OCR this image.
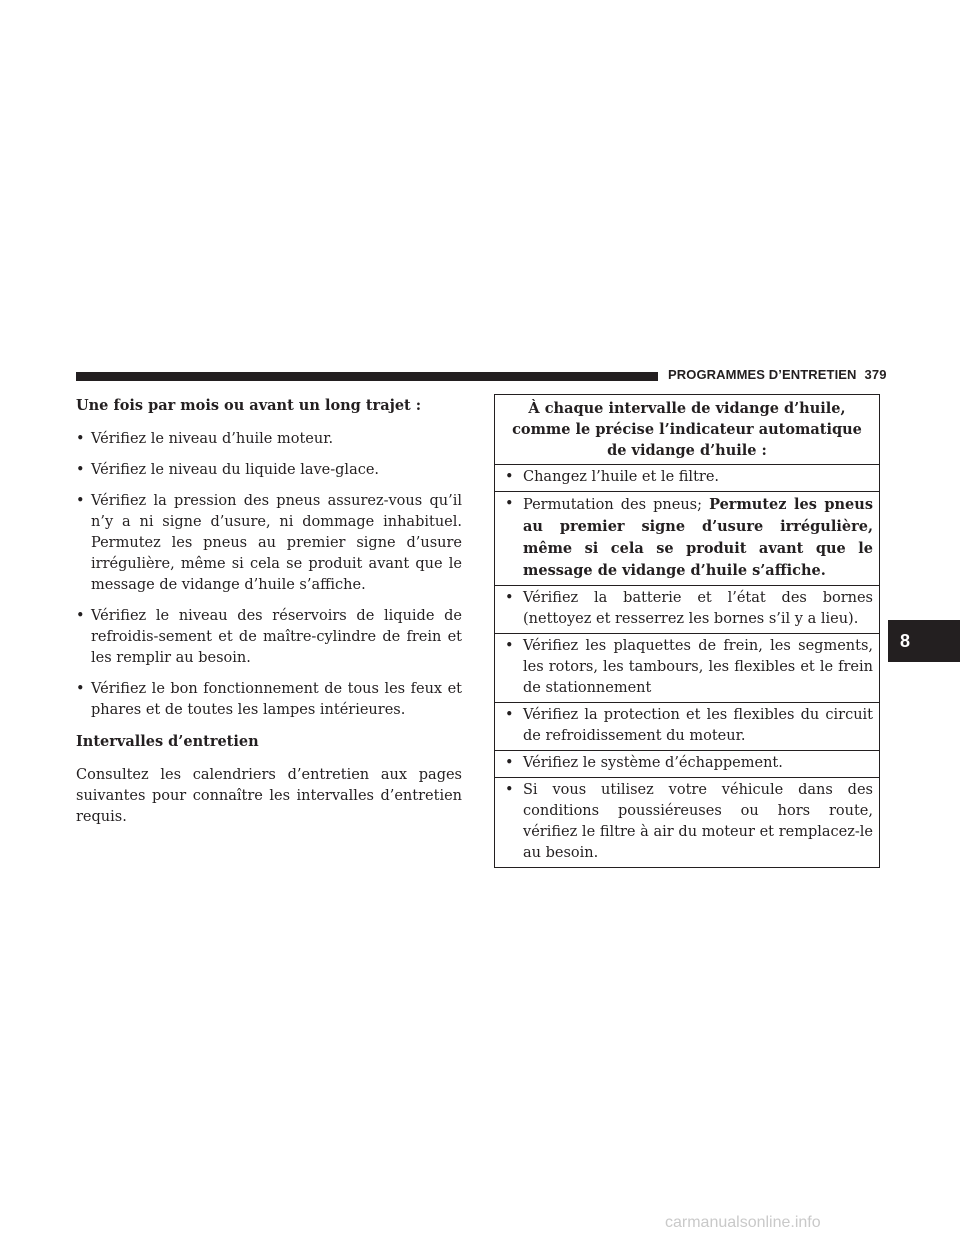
PROGRAMMES D’ENTRETIEN 379

Une fois par mois ou avant un long trajet :

• Vérifiez le niveau d’huile moteur.
• Vérifiez le niveau du liquide lave-glace.
• Vérifiez la pression des pneus assurez-vous qu’il n’y a ni signe d’usure, ni dommage inhabituel. Permutez les pneus au premier signe d’usure irrégulière, même si cela se produit avant que le message de vidange d’huile s’affiche.
• Vérifiez le niveau des réservoirs de liquide de refroidis-sement et de maître-cylindre de frein et les remplir au besoin.
• Vérifiez le bon fonctionnement de tous les feux et phares et de toutes les lampes intérieures.

Intervalles d’entretien

Consultez les calendriers d’entretien aux pages suivantes pour connaître les intervalles d’entretien requis.

À chaque intervalle de vidange d’huile, comme le précise l’indicateur automatique de vidange d’huile :
• Changez l’huile et le filtre.
• Permutation des pneus; Permutez les pneus au premier signe d’usure irrégulière, même si cela se produit avant que le message de vidange d’huile s’affiche.
• Vérifiez la batterie et l’état des bornes (nettoyez et resserrez les bornes s’il y a lieu).
• Vérifiez les plaquettes de frein, les segments, les rotors, les tambours, les flexibles et le frein de stationnement
• Vérifiez la protection et les flexibles du circuit de refroidissement du moteur.
• Vérifiez le système d’échappement.
• Si vous utilisez votre véhicule dans des conditions poussiéreuses ou hors route, vérifiez le filtre à air du moteur et remplacez-le au besoin.
8
carmanualsonline.info
